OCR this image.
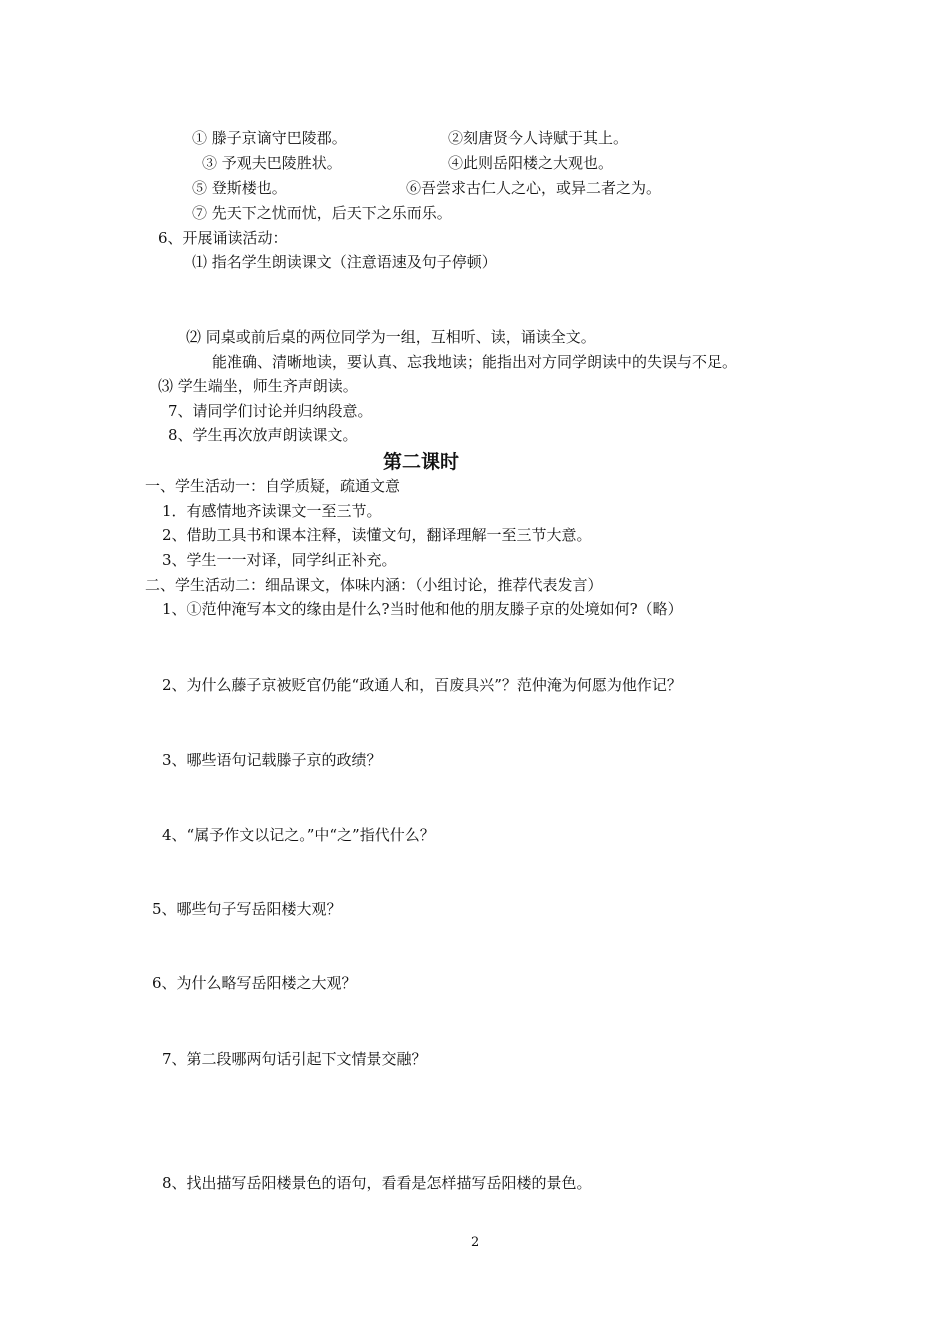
① 滕子京谪守巴陵郡。	②刻唐贤今人诗赋于其上。
③ 予观夫巴陵胜状。	④此则岳阳楼之大观也。
⑤ 登斯楼也。	⑥吾尝求古仁人之心，或异二者之为。
⑦ 先天下之忧而忧，后天下之乐而乐。
6、开展诵读活动：
⑴ 指名学生朗读课文（注意语速及句子停顿）
⑵ 同桌或前后桌的两位同学为一组，互相听、读，诵读全文。
能准确、清晰地读，要认真、忘我地读；能指出对方同学朗读中的失误与不足。
⑶ 学生端坐，师生齐声朗读。
7、请同学们讨论并归纳段意。
8、学生再次放声朗读课文。
第二课时
一、学生活动一：自学质疑，疏通文意
1．有感情地齐读课文一至三节。
2、借助工具书和课本注释，读懂文句，翻译理解一至三节大意。
3、学生一一对译，同学纠正补充。
二、学生活动二：细品课文，体味内涵：（小组讨论，推荐代表发言）
1、①范仲淹写本文的缘由是什么?当时他和他的朋友滕子京的处境如何?（略）
2、为什么藤子京被贬官仍能“政通人和，百废具兴”？范仲淹为何愿为他作记？
3、哪些语句记载滕子京的政绩？
4、“属予作文以记之。”中“之”指代什么？
5、哪些句子写岳阳楼大观？
6、为什么略写岳阳楼之大观？
7、第二段哪两句话引起下文情景交融？
8、找出描写岳阳楼景色的语句，看看是怎样描写岳阳楼的景色。
2
